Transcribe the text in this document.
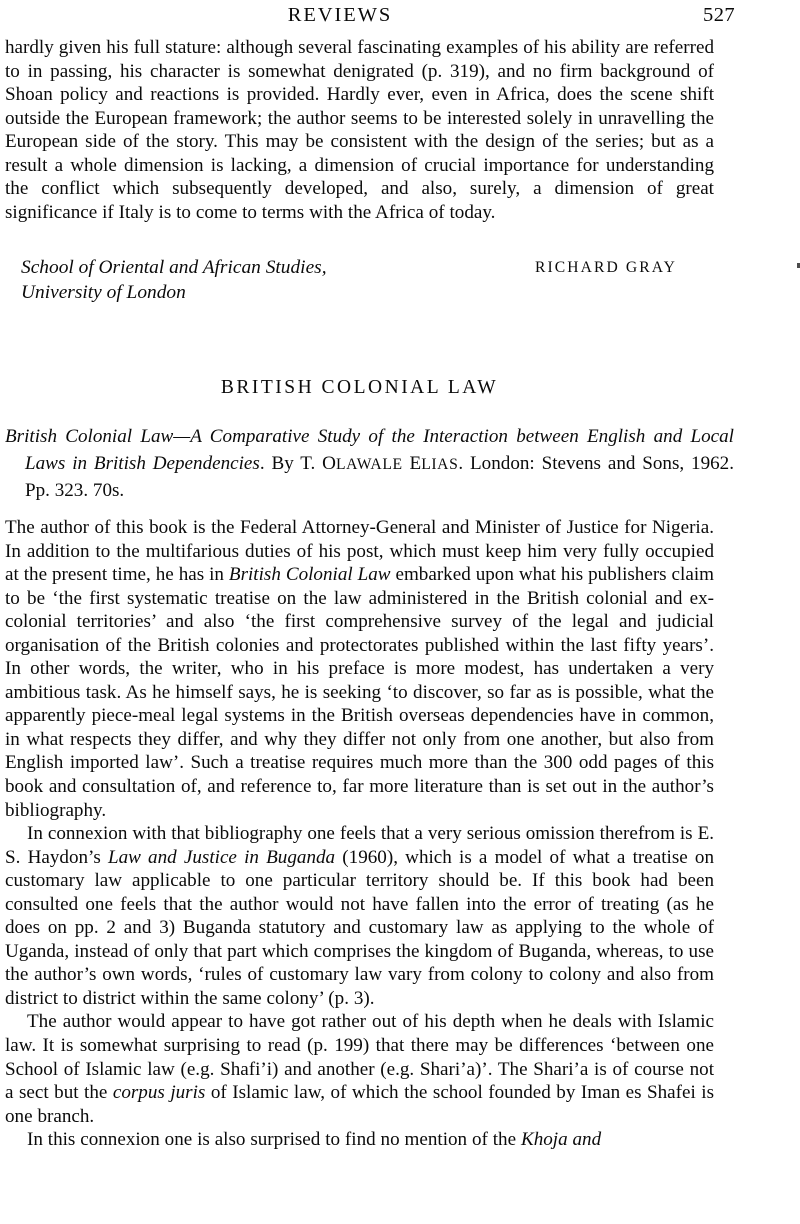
REVIEWS	527

hardly given his full stature: although several fascinating examples of his ability are referred to in passing, his character is somewhat denigrated (p. 319), and no firm background of Shoan policy and reactions is provided. Hardly ever, even in Africa, does the scene shift outside the European framework; the author seems to be interested solely in unravelling the European side of the story. This may be consistent with the design of the series; but as a result a whole dimension is lacking, a dimension of crucial importance for understanding the conflict which subsequently developed, and also, surely, a dimension of great significance if Italy is to come to terms with the Africa of today.

School of Oriental and African Studies,
University of London
RICHARD GRAY
BRITISH COLONIAL LAW
British Colonial Law—A Comparative Study of the Interaction between English and Local Laws in British Dependencies. By T. OLAWALE ELIAS. London: Stevens and Sons, 1962. Pp. 323. 70s.

The author of this book is the Federal Attorney-General and Minister of Justice for Nigeria. In addition to the multifarious duties of his post, which must keep him very fully occupied at the present time, he has in British Colonial Law embarked upon what his publishers claim to be ‘the first systematic treatise on the law administered in the British colonial and ex-colonial territories’ and also ‘the first comprehensive survey of the legal and judicial organisation of the British colonies and protectorates published within the last fifty years’. In other words, the writer, who in his preface is more modest, has undertaken a very ambitious task. As he himself says, he is seeking ‘to discover, so far as is possible, what the apparently piece-meal legal systems in the British overseas dependencies have in common, in what respects they differ, and why they differ not only from one another, but also from English imported law’. Such a treatise requires much more than the 300 odd pages of this book and consultation of, and reference to, far more literature than is set out in the author’s bibliography.

In connexion with that bibliography one feels that a very serious omission therefrom is E. S. Haydon’s Law and Justice in Buganda (1960), which is a model of what a treatise on customary law applicable to one particular territory should be. If this book had been consulted one feels that the author would not have fallen into the error of treating (as he does on pp. 2 and 3) Buganda statutory and customary law as applying to the whole of Uganda, instead of only that part which comprises the kingdom of Buganda, whereas, to use the author’s own words, ‘rules of customary law vary from colony to colony and also from district to district within the same colony’ (p. 3).

The author would appear to have got rather out of his depth when he deals with Islamic law. It is somewhat surprising to read (p. 199) that there may be differences ‘between one School of Islamic law (e.g. Shafi’i) and another (e.g. Shari’a)’. The Shari’a is of course not a sect but the corpus juris of Islamic law, of which the school founded by Iman es Shafei is one branch.

In this connexion one is also surprised to find no mention of the Khoja and
